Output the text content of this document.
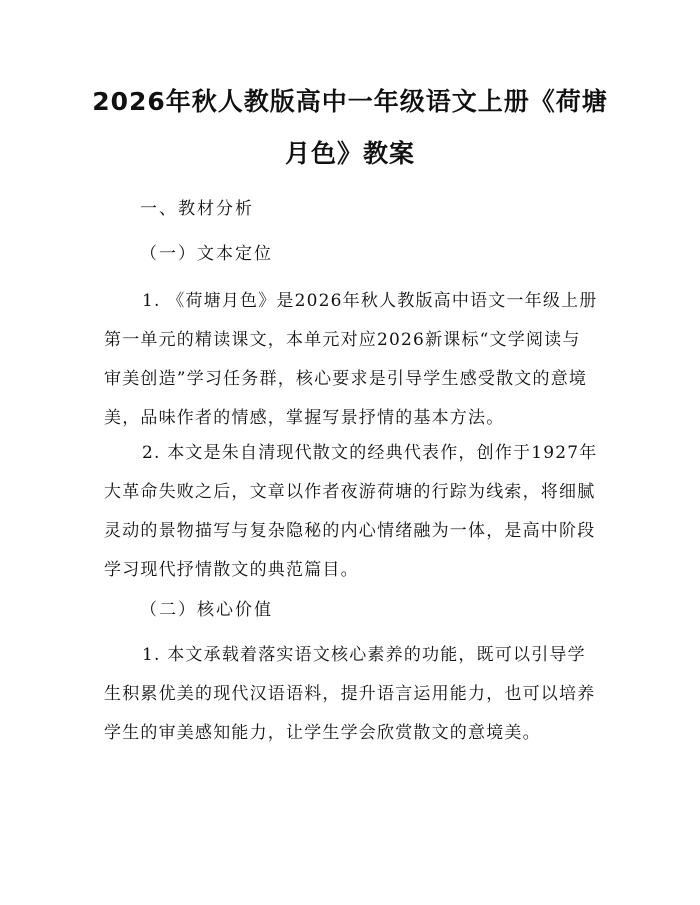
2026年秋人教版高中一年级语文上册《荷塘
月色》教案

一、教材分析

（一）文本定位

1. 《荷塘月色》是2026年秋人教版高中语文一年级上册
第一单元的精读课文，本单元对应2026新课标“文学阅读与
审美创造”学习任务群，核心要求是引导学生感受散文的意境
美，品味作者的情感，掌握写景抒情的基本方法。
2. 本文是朱自清现代散文的经典代表作，创作于1927年
大革命失败之后，文章以作者夜游荷塘的行踪为线索，将细腻
灵动的景物描写与复杂隐秘的内心情绪融为一体，是高中阶段
学习现代抒情散文的典范篇目。

（二）核心价值

1. 本文承载着落实语文核心素养的功能，既可以引导学
生积累优美的现代汉语语料，提升语言运用能力，也可以培养
学生的审美感知能力，让学生学会欣赏散文的意境美。
